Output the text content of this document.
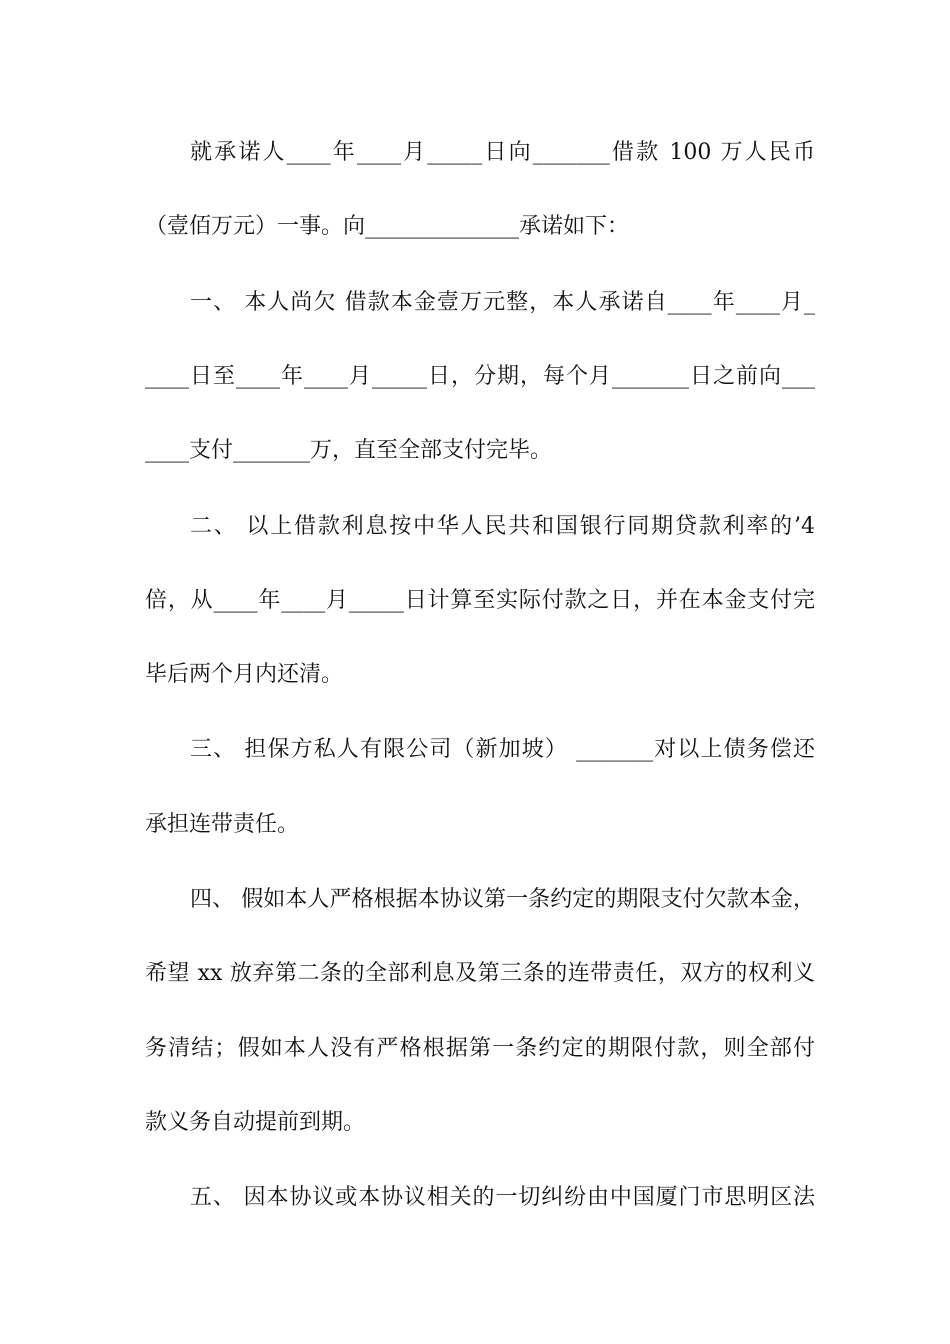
就承诺人____年____月_____日向_______借款 100 万人民币
（壹佰万元）一事。向______________承诺如下：
一、 本人尚欠 借款本金壹万元整，本人承诺自____年____月_
____日至____年____月_____日，分期，每个月_______日之前向___
____支付_______万，直至全部支付完毕。
二、 以上借款利息按中华人民共和国银行同期贷款利率的’4
倍，从____年____月_____日计算至实际付款之日，并在本金支付完
毕后两个月内还清。
三、 担保方私人有限公司（新加坡） _______对以上债务偿还
承担连带责任。
四、 假如本人严格根据本协议第一条约定的期限支付欠款本金，
希望 xx 放弃第二条的全部利息及第三条的连带责任，双方的权利义
务清结；假如本人没有严格根据第一条约定的期限付款，则全部付
款义务自动提前到期。
五、 因本协议或本协议相关的一切纠纷由中国厦门市思明区法
